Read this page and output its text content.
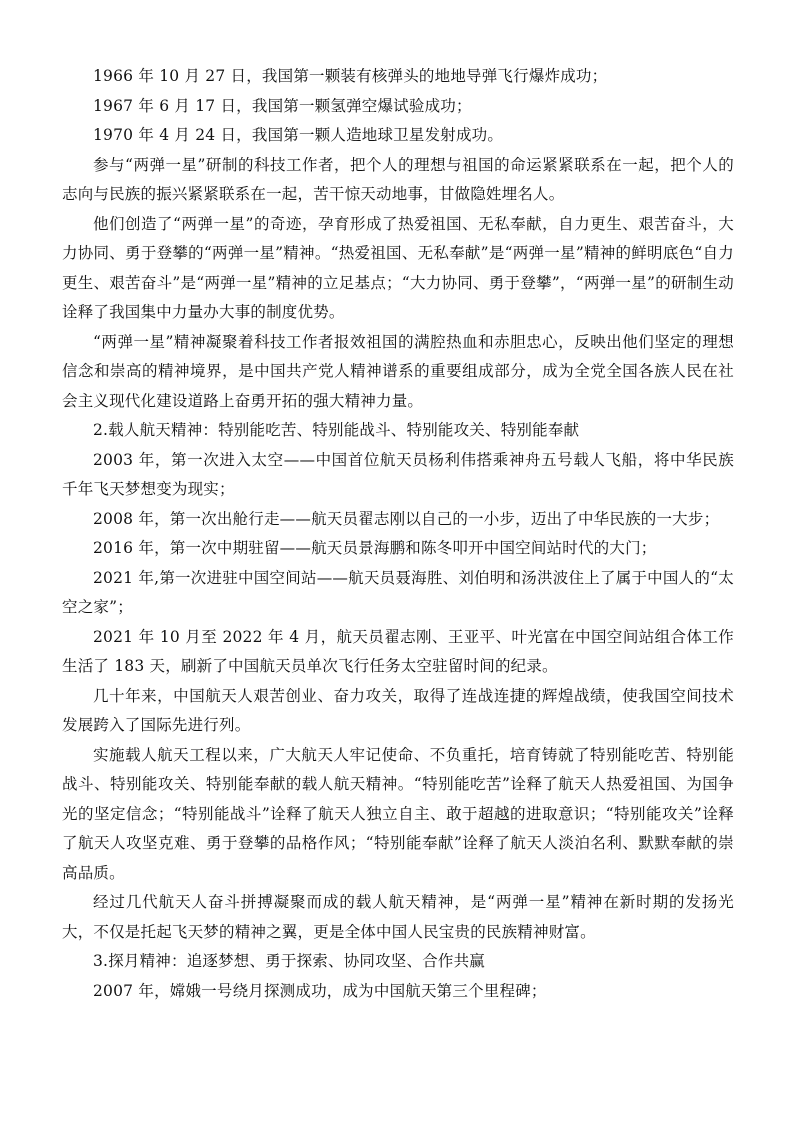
1966 年 10 月 27 日，我国第一颗装有核弹头的地地导弹飞行爆炸成功；

1967 年 6 月 17 日，我国第一颗氢弹空爆试验成功；

1970 年 4 月 24 日，我国第一颗人造地球卫星发射成功。

参与“两弹一星”研制的科技工作者，把个人的理想与祖国的命运紧紧联系在一起，把个人的志向与民族的振兴紧紧联系在一起，苦干惊天动地事，甘做隐姓埋名人。

他们创造了“两弹一星”的奇迹，孕育形成了热爱祖国、无私奉献，自力更生、艰苦奋斗，大力协同、勇于登攀的“两弹一星”精神。“热爱祖国、无私奉献”是“两弹一星”精神的鲜明底色“自力更生、艰苦奋斗”是“两弹一星”精神的立足基点；“大力协同、勇于登攀”，“两弹一星”的研制生动诠释了我国集中力量办大事的制度优势。

“两弹一星”精神凝聚着科技工作者报效祖国的满腔热血和赤胆忠心，反映出他们坚定的理想信念和崇高的精神境界，是中国共产党人精神谱系的重要组成部分，成为全党全国各族人民在社会主义现代化建设道路上奋勇开拓的强大精神力量。

2.载人航天精神：特别能吃苦、特别能战斗、特别能攻关、特别能奉献

2003 年，第一次进入太空——中国首位航天员杨利伟搭乘神舟五号载人飞船，将中华民族千年飞天梦想变为现实；

2008 年，第一次出舱行走——航天员翟志刚以自己的一小步，迈出了中华民族的一大步；

2016 年，第一次中期驻留——航天员景海鹏和陈冬叩开中国空间站时代的大门；

2021 年,第一次进驻中国空间站——航天员聂海胜、刘伯明和汤洪波住上了属于中国人的“太空之家”；

2021 年 10 月至 2022 年 4 月，航天员翟志刚、王亚平、叶光富在中国空间站组合体工作生活了 183 天，刷新了中国航天员单次飞行任务太空驻留时间的纪录。

几十年来，中国航天人艰苦创业、奋力攻关，取得了连战连捷的辉煌战绩，使我国空间技术发展跨入了国际先进行列。

实施载人航天工程以来，广大航天人牢记使命、不负重托，培育铸就了特别能吃苦、特别能战斗、特别能攻关、特别能奉献的载人航天精神。“特别能吃苦”诠释了航天人热爱祖国、为国争光的坚定信念；“特别能战斗”诠释了航天人独立自主、敢于超越的进取意识；“特别能攻关”诠释了航天人攻坚克难、勇于登攀的品格作风；“特别能奉献”诠释了航天人淡泊名利、默默奉献的崇高品质。

经过几代航天人奋斗拼搏凝聚而成的载人航天精神，是“两弹一星”精神在新时期的发扬光大，不仅是托起飞天梦的精神之翼，更是全体中国人民宝贵的民族精神财富。

3.探月精神：追逐梦想、勇于探索、协同攻坚、合作共赢

2007 年，嫦娥一号绕月探测成功，成为中国航天第三个里程碑；
